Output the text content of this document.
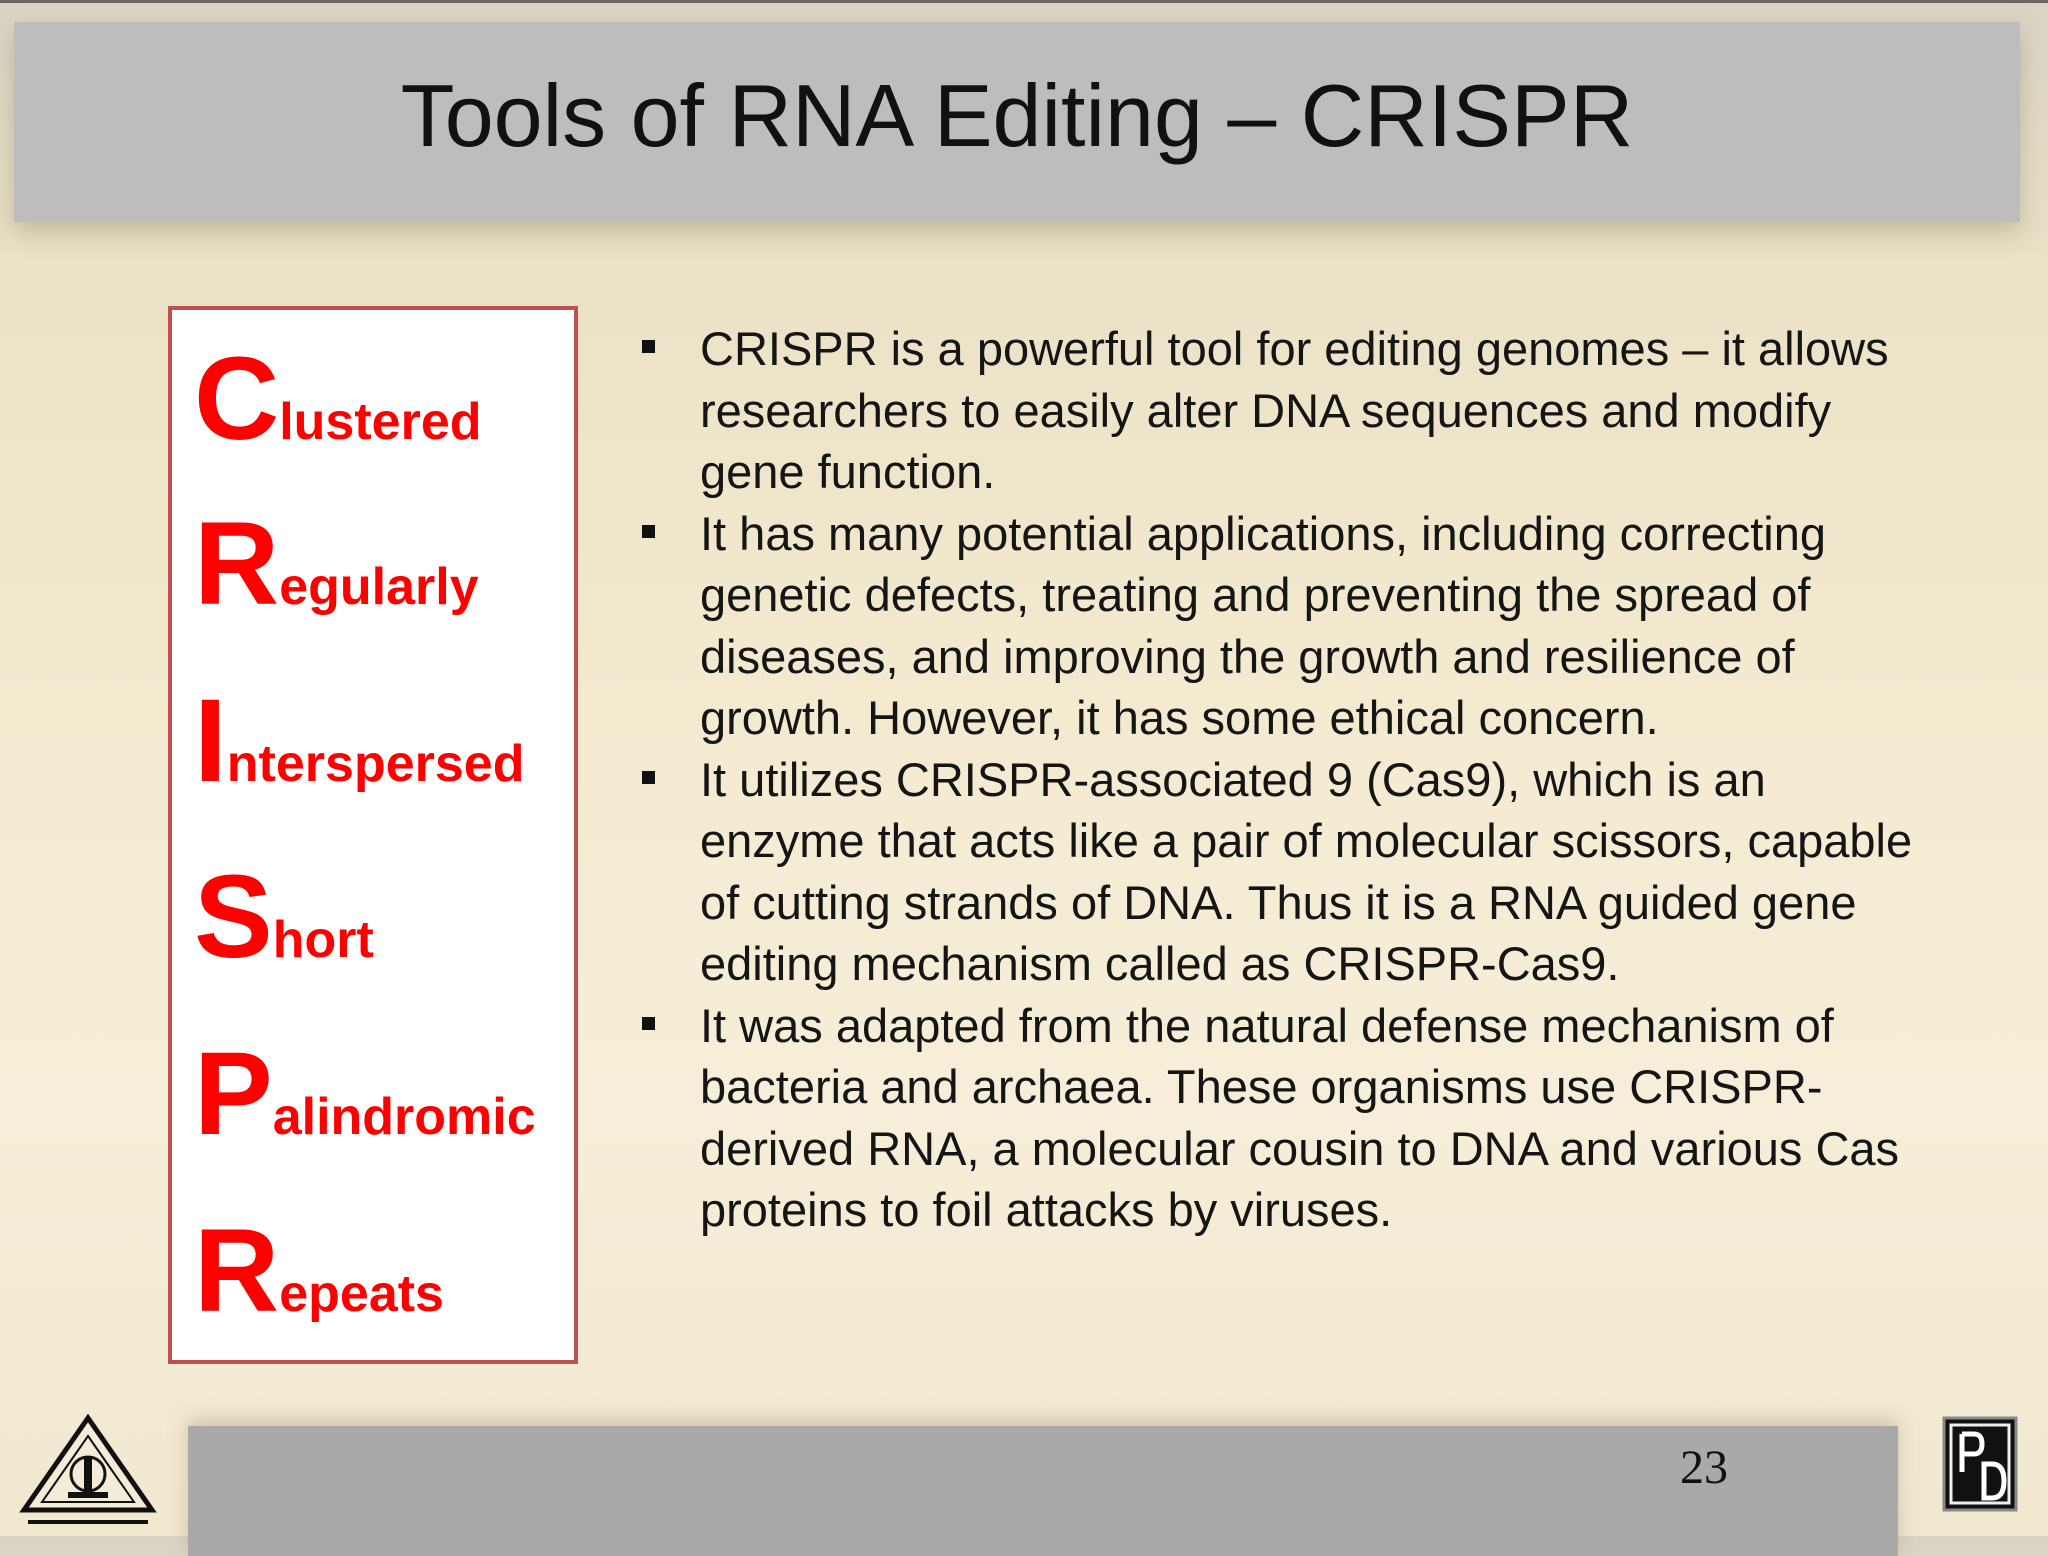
Tools of RNA Editing – CRISPR
Clustered
Regularly
Interspersed
Short
Palindromic
Repeats
CRISPR is a powerful tool for editing genomes – it allows researchers to easily alter DNA sequences and modify gene function.
It has many potential applications, including correcting genetic defects, treating and preventing the spread of diseases, and improving the growth and resilience of growth. However, it has some ethical concern.
It utilizes CRISPR-associated 9 (Cas9), which is an enzyme that acts like a pair of molecular scissors, capable of cutting strands of DNA. Thus it is a RNA guided gene editing mechanism called as CRISPR-Cas9.
It was adapted from the natural defense mechanism of bacteria and archaea. These organisms use CRISPR-derived RNA, a molecular cousin to DNA and various Cas proteins to foil attacks by viruses.
23
